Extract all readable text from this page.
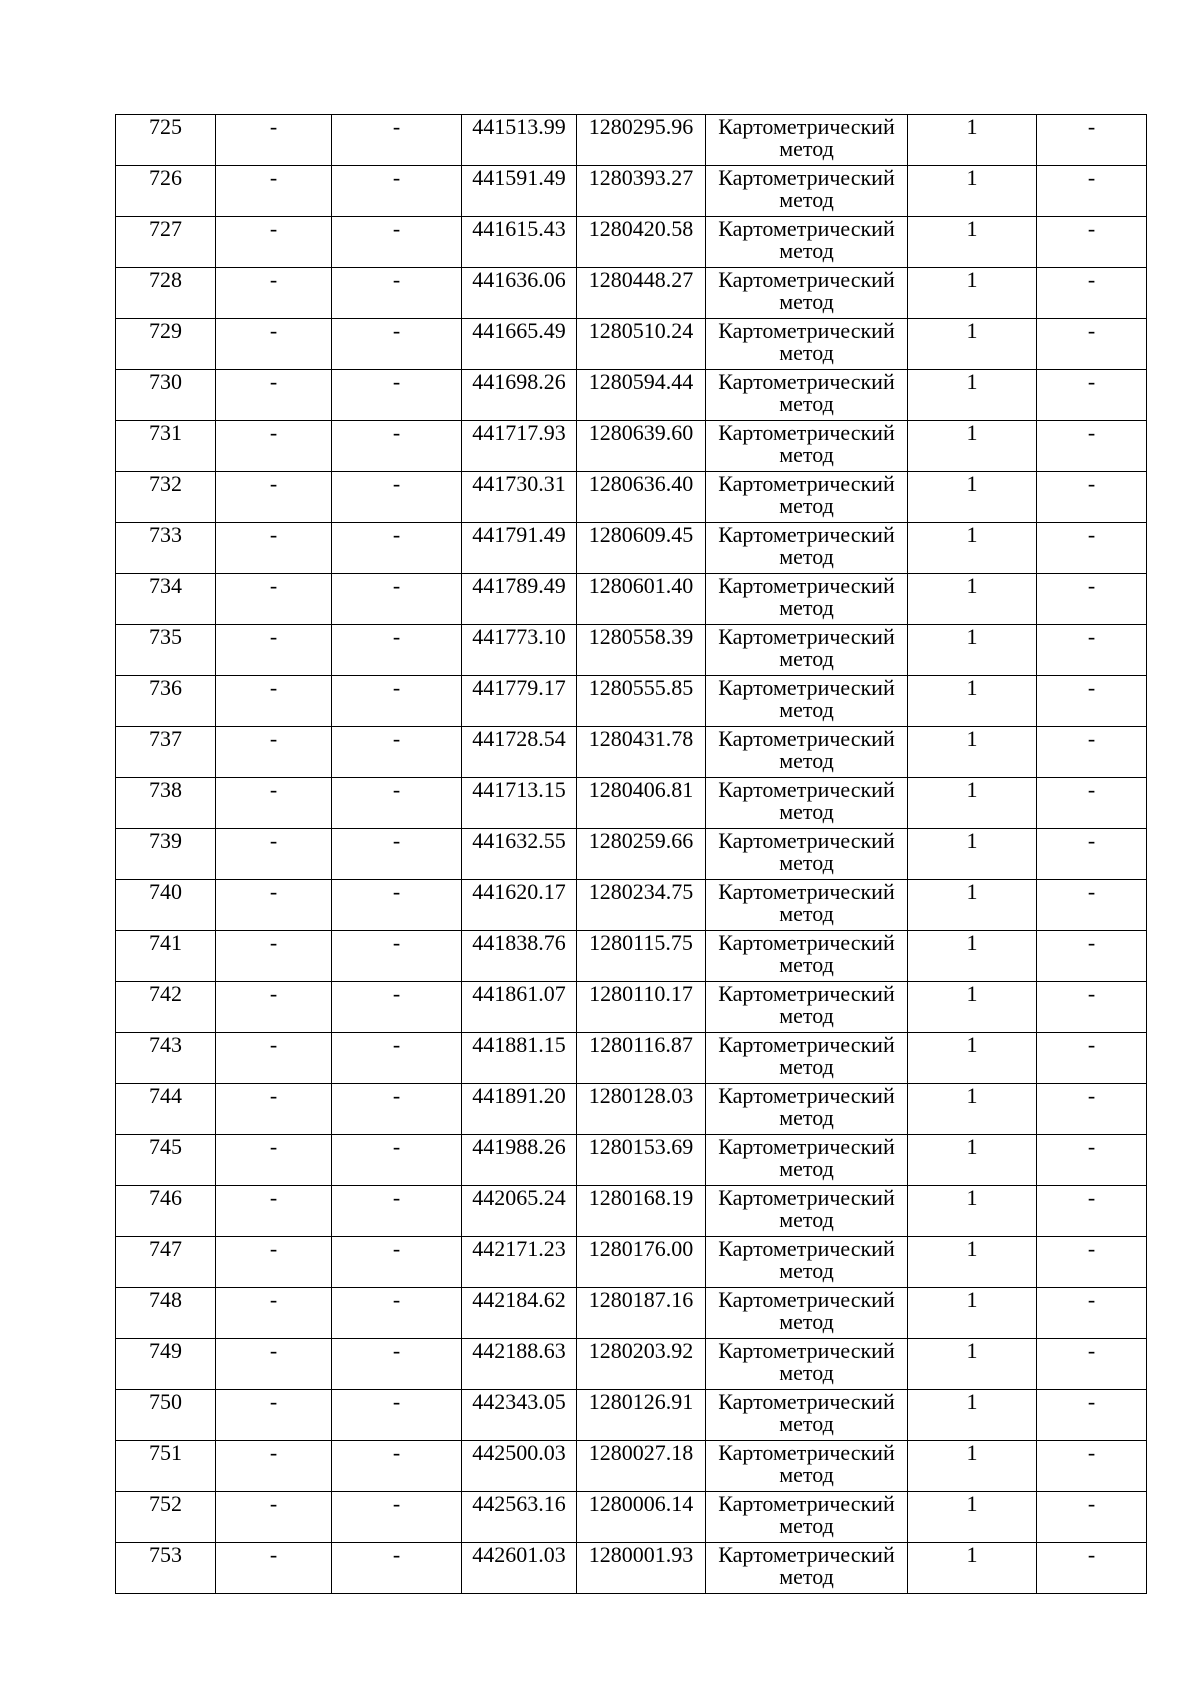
725	-	-	441513.99	1280295.96	Картометрический
метод	1	-
726	-	-	441591.49	1280393.27	Картометрический
метод	1	-
727	-	-	441615.43	1280420.58	Картометрический
метод	1	-
728	-	-	441636.06	1280448.27	Картометрический
метод	1	-
729	-	-	441665.49	1280510.24	Картометрический
метод	1	-
730	-	-	441698.26	1280594.44	Картометрический
метод	1	-
731	-	-	441717.93	1280639.60	Картометрический
метод	1	-
732	-	-	441730.31	1280636.40	Картометрический
метод	1	-
733	-	-	441791.49	1280609.45	Картометрический
метод	1	-
734	-	-	441789.49	1280601.40	Картометрический
метод	1	-
735	-	-	441773.10	1280558.39	Картометрический
метод	1	-
736	-	-	441779.17	1280555.85	Картометрический
метод	1	-
737	-	-	441728.54	1280431.78	Картометрический
метод	1	-
738	-	-	441713.15	1280406.81	Картометрический
метод	1	-
739	-	-	441632.55	1280259.66	Картометрический
метод	1	-
740	-	-	441620.17	1280234.75	Картометрический
метод	1	-
741	-	-	441838.76	1280115.75	Картометрический
метод	1	-
742	-	-	441861.07	1280110.17	Картометрический
метод	1	-
743	-	-	441881.15	1280116.87	Картометрический
метод	1	-
744	-	-	441891.20	1280128.03	Картометрический
метод	1	-
745	-	-	441988.26	1280153.69	Картометрический
метод	1	-
746	-	-	442065.24	1280168.19	Картометрический
метод	1	-
747	-	-	442171.23	1280176.00	Картометрический
метод	1	-
748	-	-	442184.62	1280187.16	Картометрический
метод	1	-
749	-	-	442188.63	1280203.92	Картометрический
метод	1	-
750	-	-	442343.05	1280126.91	Картометрический
метод	1	-
751	-	-	442500.03	1280027.18	Картометрический
метод	1	-
752	-	-	442563.16	1280006.14	Картометрический
метод	1	-
753	-	-	442601.03	1280001.93	Картометрический
метод	1	-
